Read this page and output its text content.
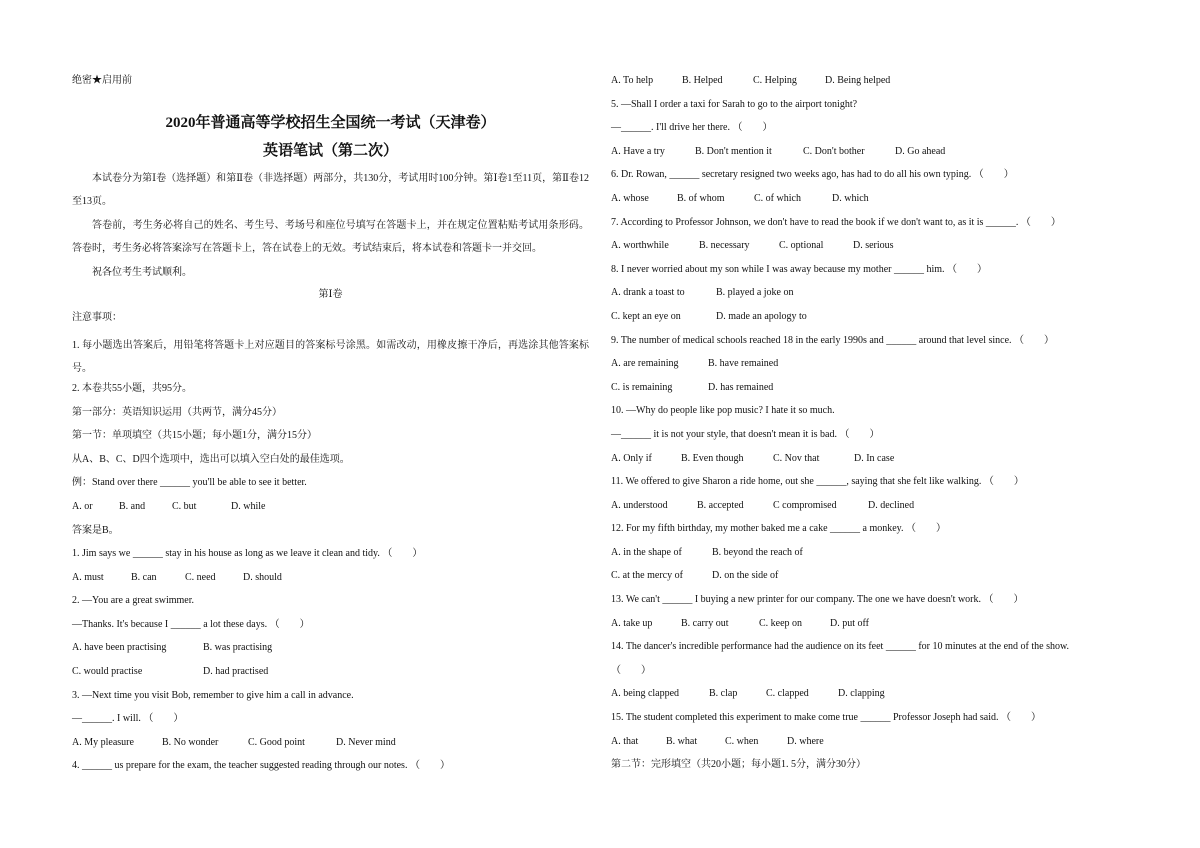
绝密★启用前
2020年普通高等学校招生全国统一考试（天津卷）
英语笔试（第二次）
本试卷分为第Ⅰ卷（选择题）和第Ⅱ卷（非选择题）两部分，共130分，考试用时100分钟。第Ⅰ卷1至11页，第Ⅱ卷12至13页。
答卷前，考生务必将自己的姓名、考生号、考场号和座位号填写在答题卡上，并在规定位置粘贴考试用条形码。答卷时，考生务必将答案涂写在答题卡上，答在试卷上的无效。考试结束后，将本试卷和答题卡一并交回。
祝各位考生考试顺利。
第Ⅰ卷
注意事项：
1. 每小题选出答案后，用铅笔将答题卡上对应题目的答案标号涂黑。如需改动，用橡皮擦干净后，再选涂其他答案标号。
2. 本卷共55小题，共95分。
第一部分：英语知识运用（共两节，满分45分）
第一节：单项填空（共15小题；每小题1分，满分15分）
从A、B、C、D四个选项中，选出可以填入空白处的最佳选项。
例：Stand over there ______ you'll be able to see it better.
A. or	B. and	C. but	D. while
答案是B。
1. Jim says we ______ stay in his house as long as we leave it clean and tidy. （　　）
A. must	B. can	C. need	D. should
2. —You are a great swimmer.
—Thanks. It's because I ______ a lot these days. （　　）
A. have been practising	B. was practising
C. would practise	D. had practised
3. —Next time you visit Bob, remember to give him a call in advance.
—______. I will. （　　）
A. My pleasure	B. No wonder	C. Good point	D. Never mind
4. ______ us prepare for the exam, the teacher suggested reading through our notes. （　　）
A. To help	B. Helped	C. Helping	D. Being helped
5. —Shall I order a taxi for Sarah to go to the airport tonight?
—______. I'll drive her there. （　　）
A. Have a try	B. Don't mention it	C. Don't bother	D. Go ahead
6. Dr. Rowan, ______ secretary resigned two weeks ago, has had to do all his own typing. （　　）
A. whose	B. of whom	C. of which	D. which
7. According to Professor Johnson, we don't have to read the book if we don't want to, as it is ______. （　　）
A. worthwhile	B. necessary	C. optional	D. serious
8. I never worried about my son while I was away because my mother ______ him. （　　）
A. drank a toast to	B. played a joke on
C. kept an eye on	D. made an apology to
9. The number of medical schools reached 18 in the early 1990s and ______ around that level since. （　　）
A. are remaining	B. have remained
C. is remaining	D. has remained
10. —Why do people like pop music? I hate it so much.
—______ it is not your style, that doesn't mean it is bad. （　　）
A. Only if	B. Even though	C. Nov that	D. In case
11. We offered to give Sharon a ride home, out she ______, saying that she felt like walking. （　　）
A. understood	B. accepted	C compromised	D. declined
12. For my fifth birthday, my mother baked me a cake ______ a monkey. （　　）
A. in the shape of	B. beyond the reach of
C. at the mercy of	D. on the side of
13. We can't ______ I buying a new printer for our company. The one we have doesn't work. （　　）
A. take up	B. carry out	C. keep on	D. put off
14. The dancer's incredible performance had the audience on its feet ______ for 10 minutes at the end of the show.
（　　）
A. being clapped	B. clap	C. clapped	D. clapping
15. The student completed this experiment to make come true ______ Professor Joseph had said. （　　）
A. that	B. what	C. when	D. where
第二节：完形填空（共20小题；每小题1. 5分，满分30分）
